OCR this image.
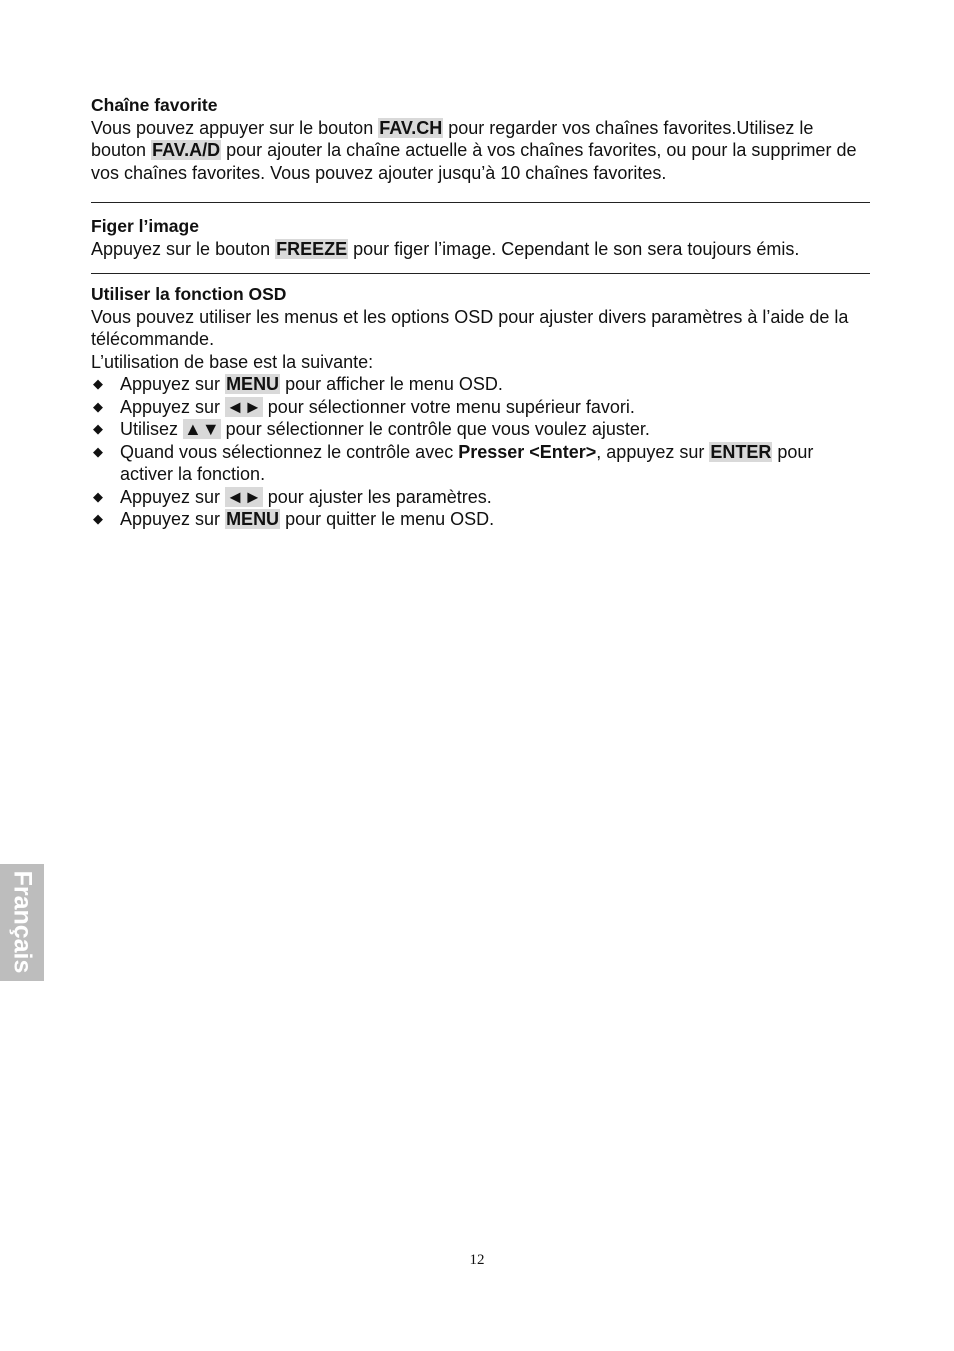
Chaîne favorite
Vous pouvez appuyer sur le bouton FAV.CH pour regarder vos chaînes favorites.Utilisez le bouton FAV.A/D pour ajouter la chaîne actuelle à vos chaînes favorites, ou pour la supprimer de vos chaînes favorites. Vous pouvez ajouter jusqu’à 10 chaînes favorites.
Figer l’image
Appuyez sur le bouton FREEZE pour figer l’image. Cependant le son sera toujours émis.
Utiliser la fonction OSD
Vous pouvez utiliser les menus et les options OSD pour ajuster divers paramètres à l’aide de la télécommande.
L’utilisation de base est la suivante:
◆ Appuyez sur MENU pour afficher le menu OSD.
◆ Appuyez sur ◄► pour sélectionner votre menu supérieur favori.
◆ Utilisez ▲▼ pour sélectionner le contrôle que vous voulez ajuster.
◆ Quand vous sélectionnez le contrôle avec Presser <Enter>, appuyez sur ENTER pour activer la fonction.
◆ Appuyez sur ◄► pour ajuster les paramètres.
◆ Appuyez sur MENU pour quitter le menu OSD.
Français
12
